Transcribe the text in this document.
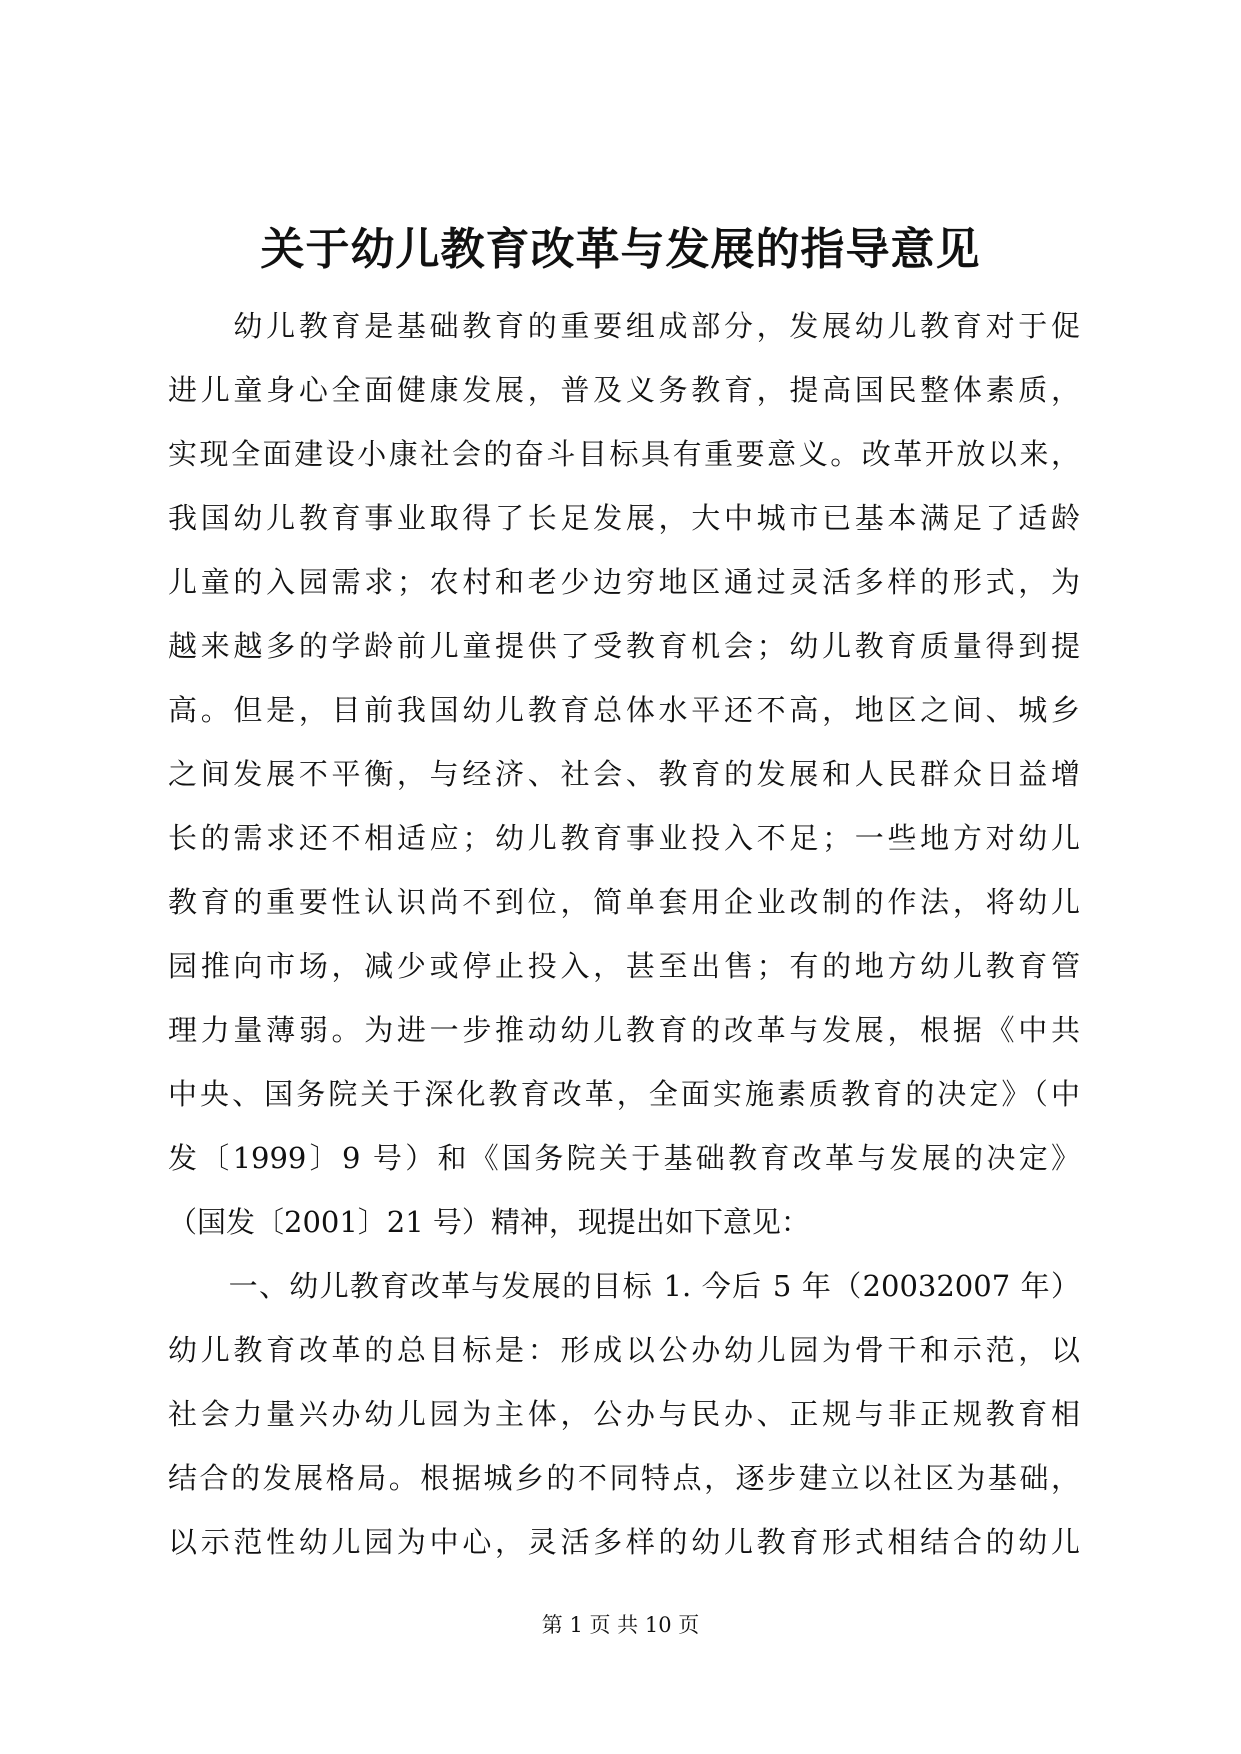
关于幼儿教育改革与发展的指导意见
　　幼儿教育是基础教育的重要组成部分，发展幼儿教育对于促
进儿童身心全面健康发展，普及义务教育，提高国民整体素质，
实现全面建设小康社会的奋斗目标具有重要意义。改革开放以来，
我国幼儿教育事业取得了长足发展，大中城市已基本满足了适龄
儿童的入园需求；农村和老少边穷地区通过灵活多样的形式，为
越来越多的学龄前儿童提供了受教育机会；幼儿教育质量得到提
高。但是，目前我国幼儿教育总体水平还不高，地区之间、城乡
之间发展不平衡，与经济、社会、教育的发展和人民群众日益增
长的需求还不相适应；幼儿教育事业投入不足；一些地方对幼儿
教育的重要性认识尚不到位，简单套用企业改制的作法，将幼儿
园推向市场，减少或停止投入，甚至出售；有的地方幼儿教育管
理力量薄弱。为进一步推动幼儿教育的改革与发展，根据《中共
中央、国务院关于深化教育改革，全面实施素质教育的决定》（中
发〔1999〕9 号）和《国务院关于基础教育改革与发展的决定》
（国发〔2001〕21 号）精神，现提出如下意见：
　　一、幼儿教育改革与发展的目标 1. 今后 5 年（20032007 年）
幼儿教育改革的总目标是：形成以公办幼儿园为骨干和示范，以
社会力量兴办幼儿园为主体，公办与民办、正规与非正规教育相
结合的发展格局。根据城乡的不同特点，逐步建立以社区为基础，
以示范性幼儿园为中心，灵活多样的幼儿教育形式相结合的幼儿
第 1 页 共 10 页
